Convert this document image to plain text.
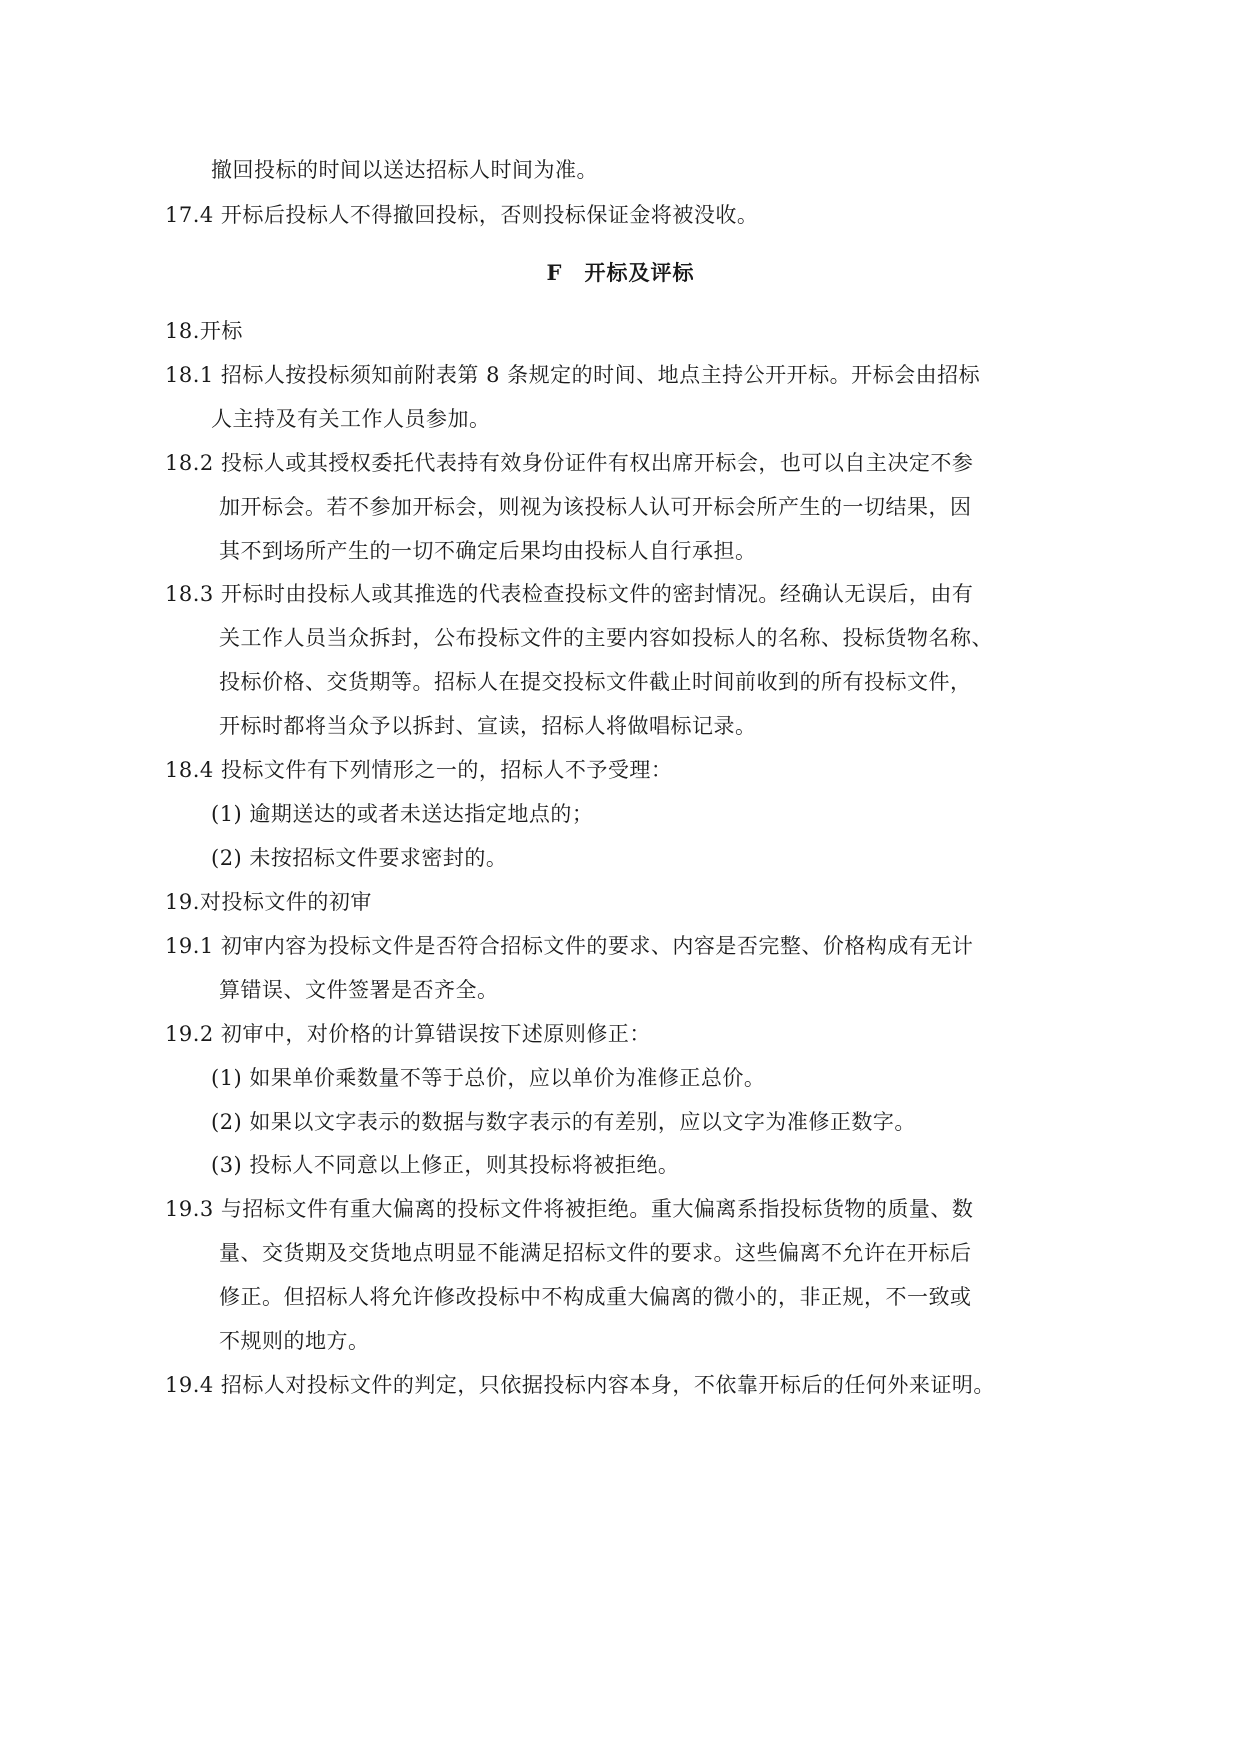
撤回投标的时间以送达招标人时间为准。
17.4 开标后投标人不得撤回投标，否则投标保证金将被没收。
F　开标及评标
18.开标
18.1 招标人按投标须知前附表第 8 条规定的时间、地点主持公开开标。开标会由招标
人主持及有关工作人员参加。
18.2 投标人或其授权委托代表持有效身份证件有权出席开标会，也可以自主决定不参
加开标会。若不参加开标会，则视为该投标人认可开标会所产生的一切结果，因
其不到场所产生的一切不确定后果均由投标人自行承担。
18.3 开标时由投标人或其推选的代表检查投标文件的密封情况。经确认无误后，由有
关工作人员当众拆封，公布投标文件的主要内容如投标人的名称、投标货物名称、
投标价格、交货期等。招标人在提交投标文件截止时间前收到的所有投标文件，
开标时都将当众予以拆封、宣读，招标人将做唱标记录。
18.4 投标文件有下列情形之一的，招标人不予受理：
(1) 逾期送达的或者未送达指定地点的；
(2) 未按招标文件要求密封的。
19.对投标文件的初审
19.1 初审内容为投标文件是否符合招标文件的要求、内容是否完整、价格构成有无计
算错误、文件签署是否齐全。
19.2 初审中，对价格的计算错误按下述原则修正：
(1) 如果单价乘数量不等于总价，应以单价为准修正总价。
(2) 如果以文字表示的数据与数字表示的有差别，应以文字为准修正数字。
(3) 投标人不同意以上修正，则其投标将被拒绝。
19.3 与招标文件有重大偏离的投标文件将被拒绝。重大偏离系指投标货物的质量、数
量、交货期及交货地点明显不能满足招标文件的要求。这些偏离不允许在开标后
修正。但招标人将允许修改投标中不构成重大偏离的微小的，非正规，不一致或
不规则的地方。
19.4 招标人对投标文件的判定，只依据投标内容本身，不依靠开标后的任何外来证明。
